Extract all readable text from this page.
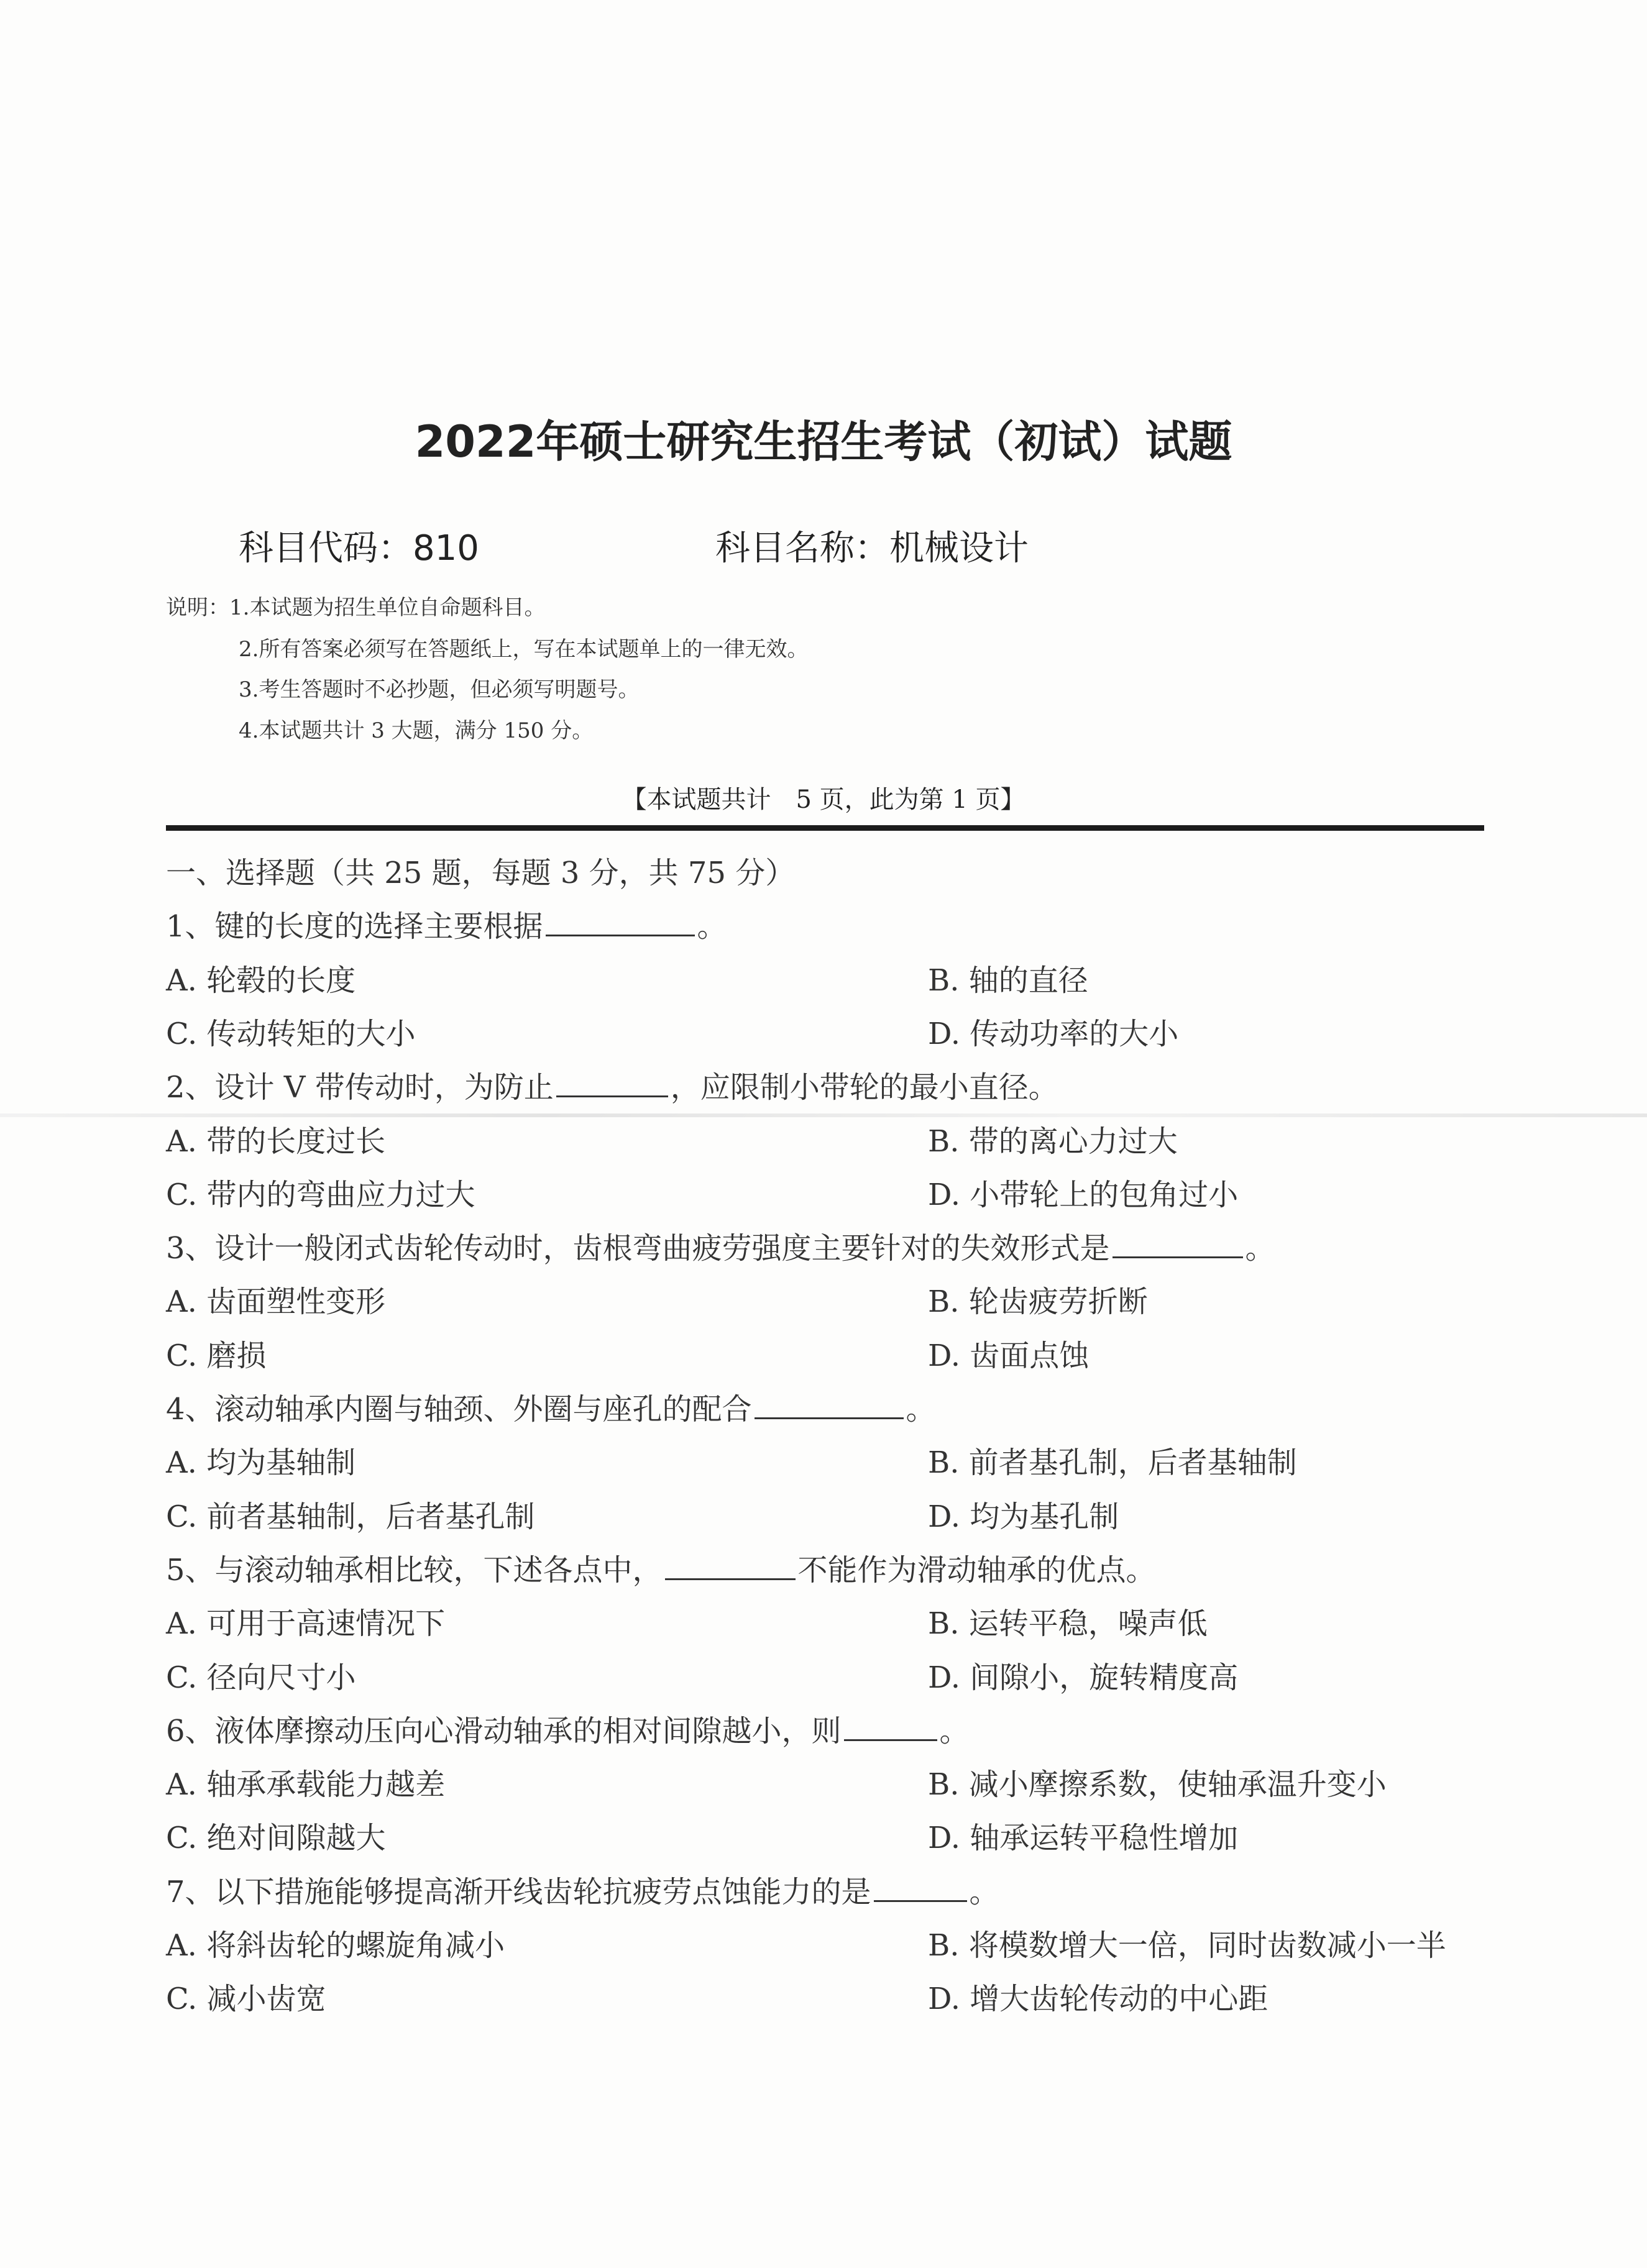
2022年硕士研究生招生考试（初试）试题
科目代码：810	科目名称：机械设计
说明：1.本试题为招生单位自命题科目。
2.所有答案必须写在答题纸上，写在本试题单上的一律无效。
3.考生答题时不必抄题，但必须写明题号。
4.本试题共计 3 大题，满分 150 分。
【本试题共计　5 页，此为第 1 页】
一、选择题（共 25 题，每题 3 分，共 75 分）
1、键的长度的选择主要根据	。
A. 轮毂的长度	B. 轴的直径
C. 传动转矩的大小	D. 传动功率的大小
2、设计 V 带传动时，为防止	，应限制小带轮的最小直径。
A. 带的长度过长	B. 带的离心力过大
C. 带内的弯曲应力过大	D. 小带轮上的包角过小
3、设计一般闭式齿轮传动时，齿根弯曲疲劳强度主要针对的失效形式是	。
A. 齿面塑性变形	B. 轮齿疲劳折断
C. 磨损	D. 齿面点蚀
4、滚动轴承内圈与轴颈、外圈与座孔的配合	。
A. 均为基轴制	B. 前者基孔制，后者基轴制
C. 前者基轴制，后者基孔制	D. 均为基孔制
5、与滚动轴承相比较，下述各点中，	不能作为滑动轴承的优点。
A. 可用于高速情况下	B. 运转平稳，噪声低
C. 径向尺寸小	D. 间隙小，旋转精度高
6、液体摩擦动压向心滑动轴承的相对间隙越小，则	。
A. 轴承承载能力越差	B. 减小摩擦系数，使轴承温升变小
C. 绝对间隙越大	D. 轴承运转平稳性增加
7、以下措施能够提高渐开线齿轮抗疲劳点蚀能力的是	。
A. 将斜齿轮的螺旋角减小	B. 将模数增大一倍，同时齿数减小一半
C. 减小齿宽	D. 增大齿轮传动的中心距
